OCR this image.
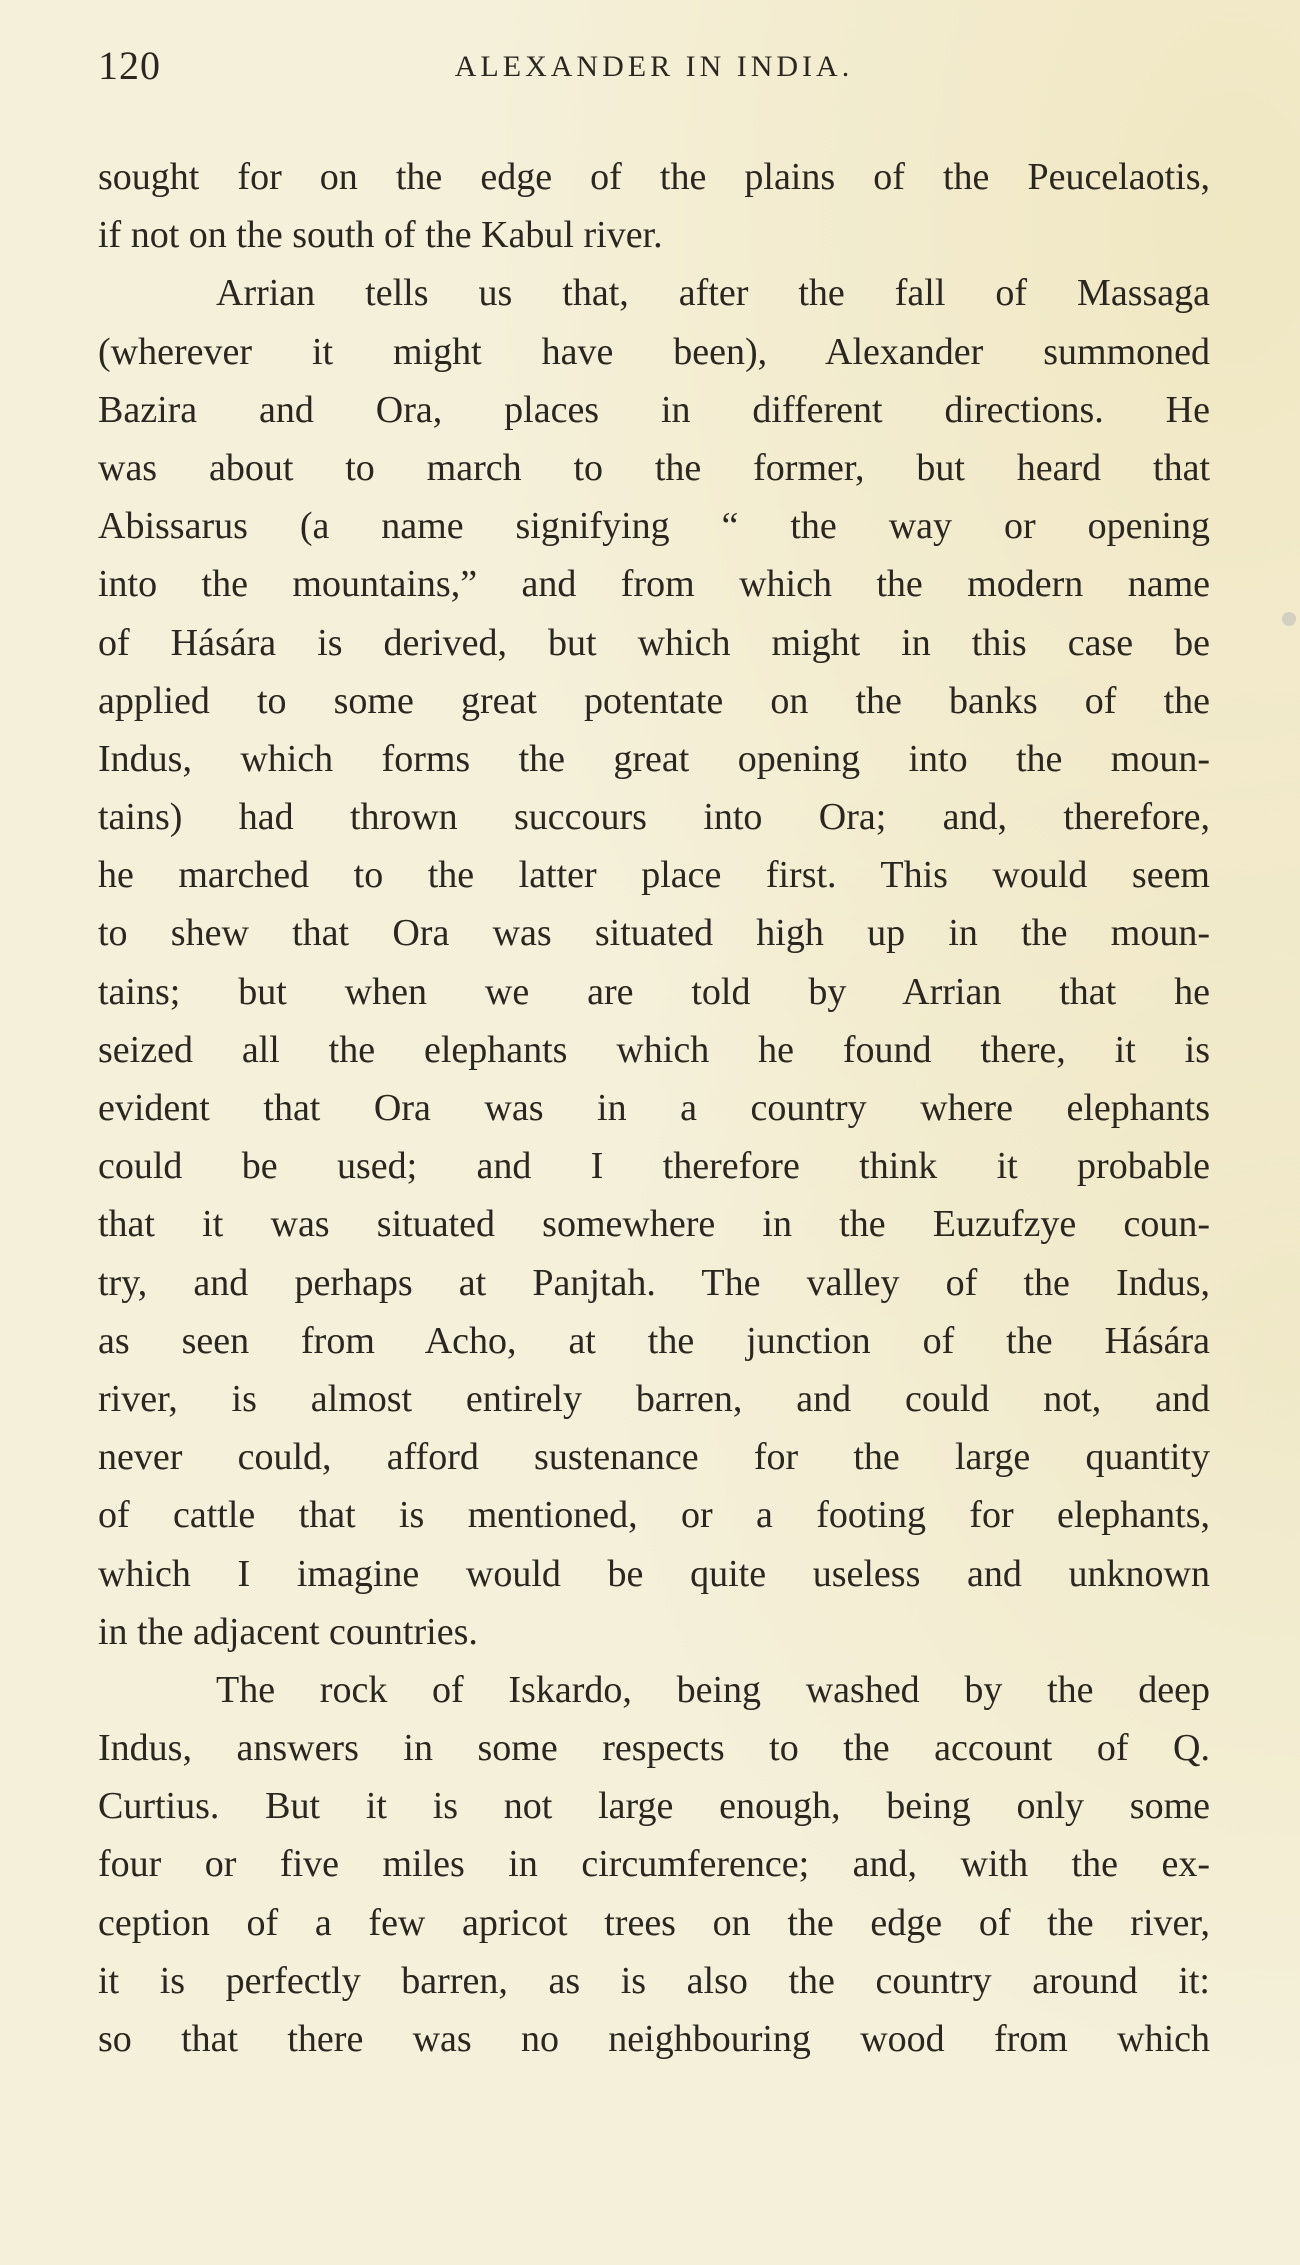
120	ALEXANDER IN INDIA.
sought for on the edge of the plains of the Peucelaotis,
if not on the south of the Kabul river.
Arrian tells us that, after the fall of Massaga
(wherever it might have been), Alexander summoned
Bazira and Ora, places in different directions. He
was about to march to the former, but heard that
Abissarus (a name signifying “ the way or opening
into the mountains,” and from which the modern name
of Hására is derived, but which might in this case be
applied to some great potentate on the banks of the
Indus, which forms the great opening into the moun-
tains) had thrown succours into Ora; and, therefore,
he marched to the latter place first. This would seem
to shew that Ora was situated high up in the moun-
tains; but when we are told by Arrian that he
seized all the elephants which he found there, it is
evident that Ora was in a country where elephants
could be used; and I therefore think it probable
that it was situated somewhere in the Euzufzye coun-
try, and perhaps at Panjtah. The valley of the Indus,
as seen from Acho, at the junction of the Hására
river, is almost entirely barren, and could not, and
never could, afford sustenance for the large quantity
of cattle that is mentioned, or a footing for elephants,
which I imagine would be quite useless and unknown
in the adjacent countries.
The rock of Iskardo, being washed by the deep
Indus, answers in some respects to the account of Q.
Curtius. But it is not large enough, being only some
four or five miles in circumference; and, with the ex-
ception of a few apricot trees on the edge of the river,
it is perfectly barren, as is also the country around it:
so that there was no neighbouring wood from which
